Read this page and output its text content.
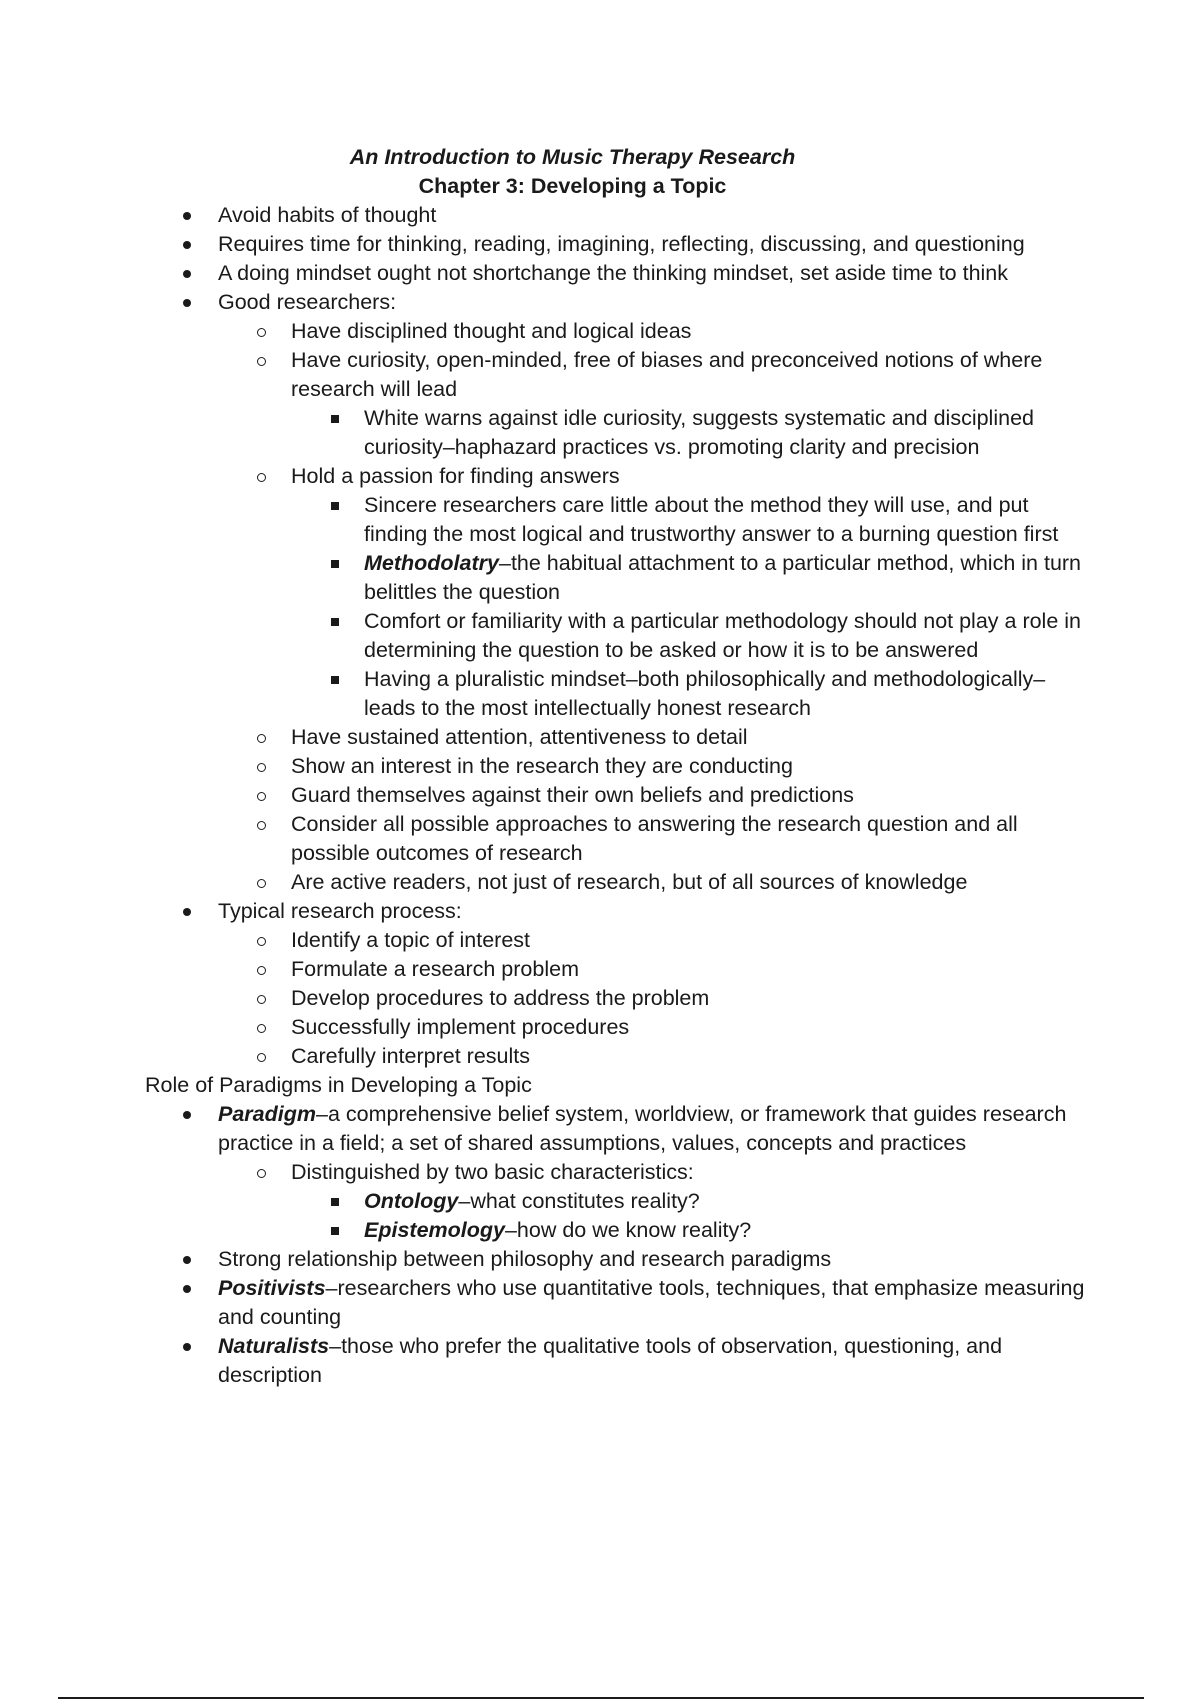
An Introduction to Music Therapy Research
Chapter 3: Developing a Topic
Avoid habits of thought
Requires time for thinking, reading, imagining, reflecting, discussing, and questioning
A doing mindset ought not shortchange the thinking mindset, set aside time to think
Good researchers:
Have disciplined thought and logical ideas
Have curiosity, open-minded, free of biases and preconceived notions of where research will lead
White warns against idle curiosity, suggests systematic and disciplined curiosity–haphazard practices vs. promoting clarity and precision
Hold a passion for finding answers
Sincere researchers care little about the method they will use, and put finding the most logical and trustworthy answer to a burning question first
Methodolatry–the habitual attachment to a particular method, which in turn belittles the question
Comfort or familiarity with a particular methodology should not play a role in determining the question to be asked or how it is to be answered
Having a pluralistic mindset–both philosophically and methodologically–leads to the most intellectually honest research
Have sustained attention, attentiveness to detail
Show an interest in the research they are conducting
Guard themselves against their own beliefs and predictions
Consider all possible approaches to answering the research question and all possible outcomes of research
Are active readers, not just of research, but of all sources of knowledge
Typical research process:
Identify a topic of interest
Formulate a research problem
Develop procedures to address the problem
Successfully implement procedures
Carefully interpret results
Role of Paradigms in Developing a Topic
Paradigm–a comprehensive belief system, worldview, or framework that guides research practice in a field; a set of shared assumptions, values, concepts and practices
Distinguished by two basic characteristics:
Ontology–what constitutes reality?
Epistemology–how do we know reality?
Strong relationship between philosophy and research paradigms
Positivists–researchers who use quantitative tools, techniques, that emphasize measuring and counting
Naturalists–those who prefer the qualitative tools of observation, questioning, and description
